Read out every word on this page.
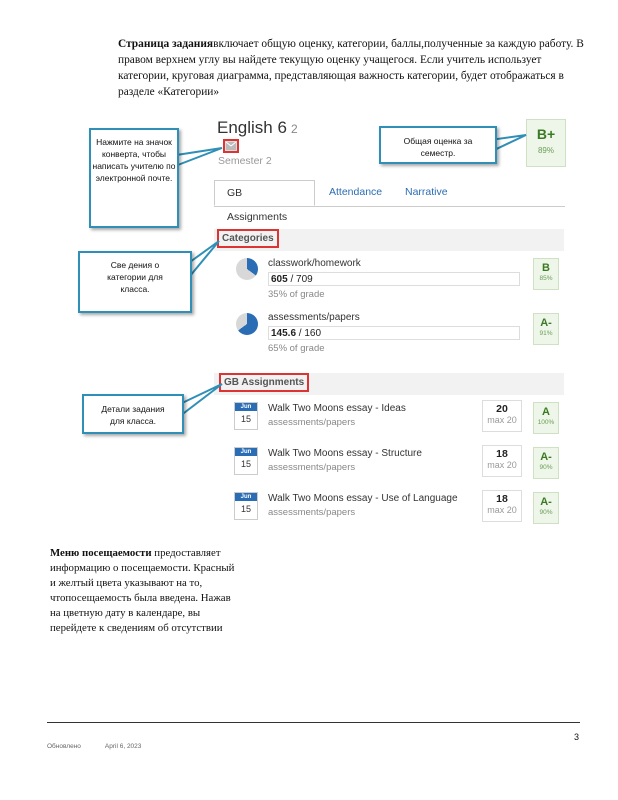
Страница заданиявключает общую оценку, категории, баллы,полученные за каждую работу. В правом верхнем углу вы найдете текущую оценку учащегося. Если учитель использует категории, круговая диаграмма, представляющая важность категории, будет отображаться в разделе «Категории»
English 6 2
Semester 2
B+
89%
GB Assignments
Attendance	Narrative
Categories
classwork/homework
605 / 709
35% of grade
B
85%
assessments/papers
145.6 / 160
65% of grade
A-
91%
GB Assignments
Jun
15
Walk Two Moons essay - Ideas
assessments/papers
20
max 20
A
100%
Jun
15
Walk Two Moons essay - Structure
assessments/papers
18
max 20
A-
90%
Jun
15
Walk Two Moons essay - Use of Language
assessments/papers
18
max 20
A-
90%
Нажмите на значок конверта, чтобы написать учителю по электронной почте.
Общая оценка за семестр.
Све дения о категории для класса.
Детали задания для класса.
Меню посещаемости предоставляет информацию о посещаемости. Красный и желтый цвета указывают на то, чтопосещаемость была введена. Нажав на цветную дату в календаре, вы перейдете к сведениям об отсутствии
3
Обновлено	April 6, 2023
